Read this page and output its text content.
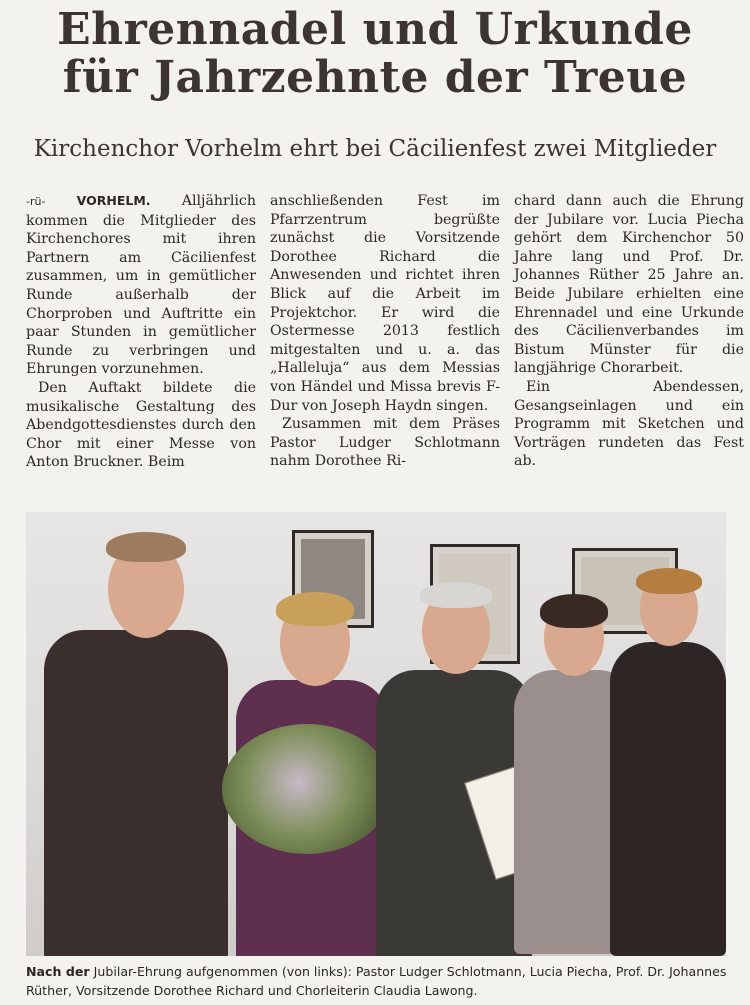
Ehrennadel und Urkunde
für Jahrzehnte der Treue
Kirchenchor Vorhelm ehrt bei Cäcilienfest zwei Mitglieder

-rü- VORHELM. Alljährlich kommen die Mitglieder des Kirchenchores mit ihren Partnern am Cäcilienfest zusammen, um in gemütlicher Runde außerhalb der Chorproben und Auftritte ein paar Stunden in gemütlicher Runde zu verbringen und Ehrungen vorzunehmen.

Den Auftakt bildete die musikalische Gestaltung des Abendgottesdienstes durch den Chor mit einer Messe von Anton Bruckner. Beim

anschließenden Fest im Pfarrzentrum begrüßte zunächst die Vorsitzende Dorothee Richard die Anwesenden und richtet ihren Blick auf die Arbeit im Projektchor. Er wird die Ostermesse 2013 festlich mitgestalten und u. a. das „Halleluja“ aus dem Messias von Händel und Missa brevis F-Dur von Joseph Haydn singen.

Zusammen mit dem Präses Pastor Ludger Schlotmann nahm Dorothee Ri-

chard dann auch die Ehrung der Jubilare vor. Lucia Piecha gehört dem Kirchenchor 50 Jahre lang und Prof. Dr. Johannes Rüther 25 Jahre an. Beide Jubilare erhielten eine Ehrennadel und eine Urkunde des Cäcilienverbandes im Bistum Münster für die langjährige Chorarbeit.

Ein Abendessen, Gesangseinlagen und ein Programm mit Sketchen und Vorträgen rundeten das Fest ab.

Nach der Jubilar-Ehrung aufgenommen (von links): Pastor Ludger Schlotmann, Lucia Piecha, Prof. Dr. Johannes Rüther, Vorsitzende Dorothee Richard und Chorleiterin Claudia Lawong.
